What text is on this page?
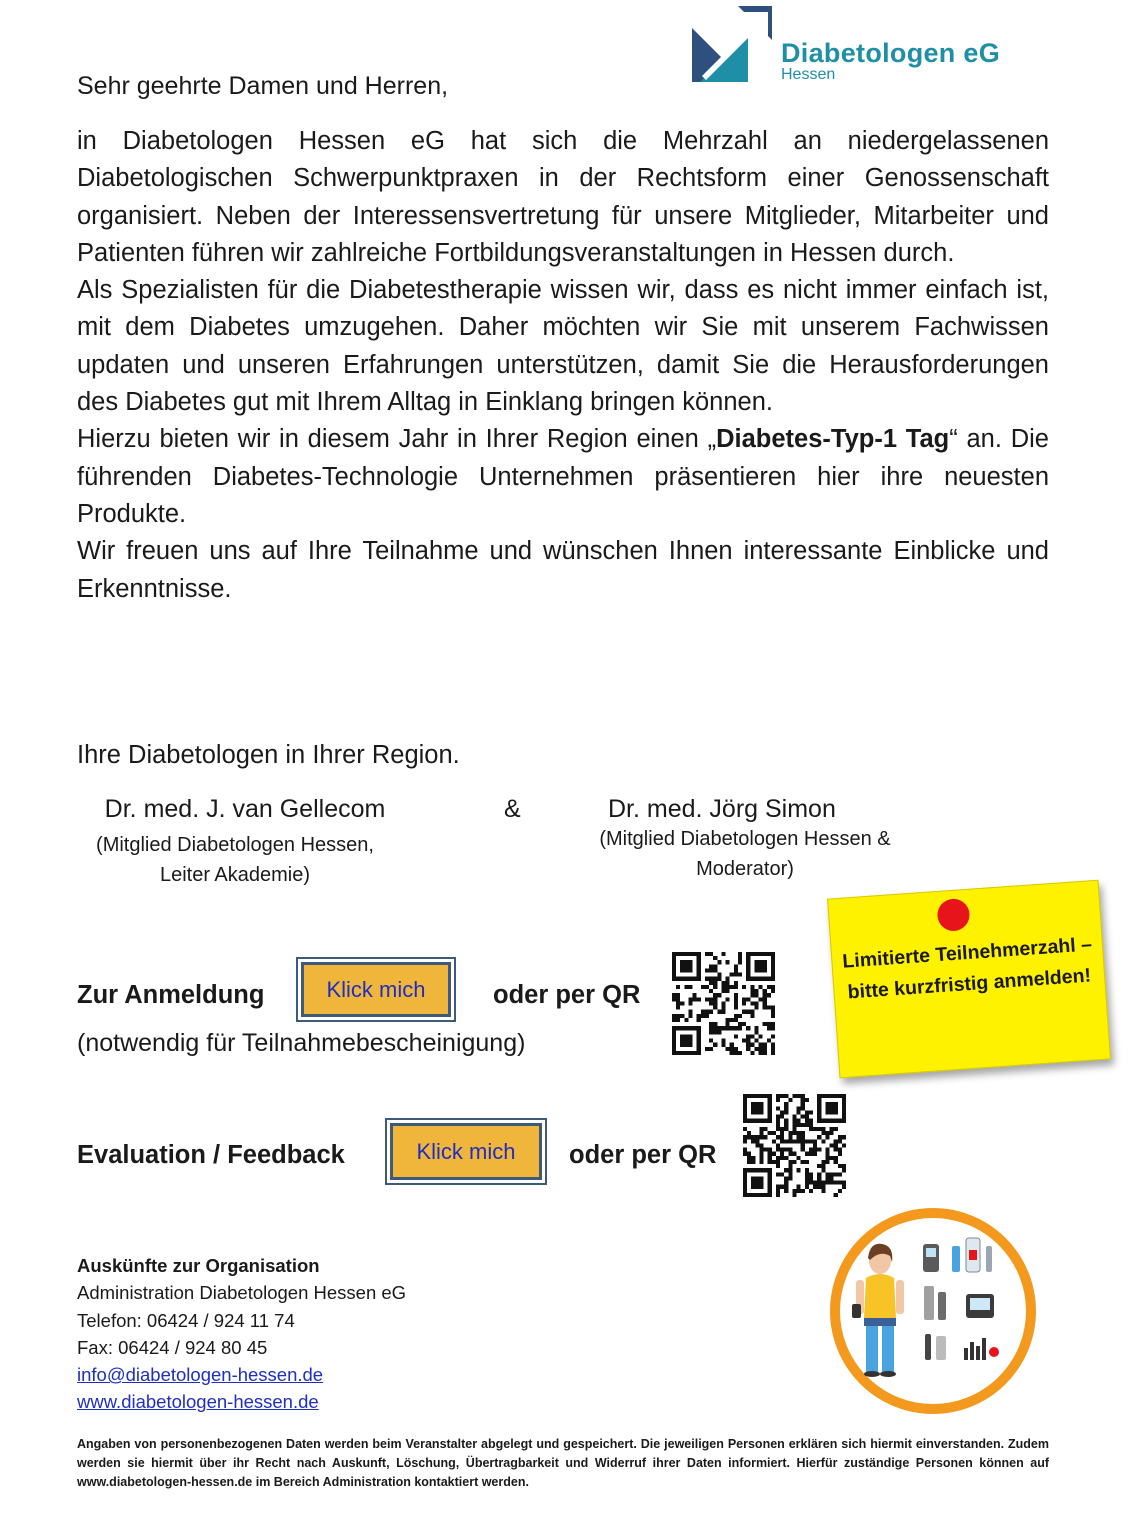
Diabetologen eG
Hessen
Sehr geehrte Damen und Herren,

in Diabetologen Hessen eG hat sich die Mehrzahl an niedergelassenen Diabetologischen Schwerpunktpraxen in der Rechtsform einer Genossenschaft organisiert. Neben der Interessensvertretung für unsere Mitglieder, Mitarbeiter und Patienten führen wir zahlreiche Fortbildungsveranstaltungen in Hessen durch.

Als Spezialisten für die Diabetestherapie wissen wir, dass es nicht immer einfach ist, mit dem Diabetes umzugehen. Daher möchten wir Sie mit unserem Fachwissen updaten und unseren Erfahrungen unterstützen, damit Sie die Herausforderungen des Diabetes gut mit Ihrem Alltag in Einklang bringen können.

Hierzu bieten wir in diesem Jahr in Ihrer Region einen „Diabetes-Typ-1 Tag“ an. Die führenden Diabetes-Technologie Unternehmen präsentieren hier ihre neuesten Produkte.

Wir freuen uns auf Ihre Teilnahme und wünschen Ihnen interessante Einblicke und Erkenntnisse.

Ihre Diabetologen in Ihrer Region.
Dr. med. J. van Gellecom
(Mitglied Diabetologen Hessen, Leiter Akademie)
&	Dr. med. Jörg Simon
(Mitglied Diabetologen Hessen & Moderator)
Limitierte Teilnehmerzahl – bitte kurzfristig anmelden!
Zur Anmeldung	Klick mich	oder per QR
(notwendig für Teilnahmebescheinigung)
Evaluation / Feedback	Klick mich	oder per QR
Auskünfte zur Organisation
Administration Diabetologen Hessen eG
Telefon: 06424 / 924 11 74
Fax: 06424 / 924 80 45
info@diabetologen-hessen.de
www.diabetologen-hessen.de
Angaben von personenbezogenen Daten werden beim Veranstalter abgelegt und gespeichert. Die jeweiligen Personen erklären sich hiermit einverstanden. Zudem werden sie hiermit über ihr Recht nach Auskunft, Löschung, Übertragbarkeit und Widerruf ihrer Daten informiert. Hierfür zuständige Personen können auf www.diabetologen-hessen.de im Bereich Administration kontaktiert werden.
